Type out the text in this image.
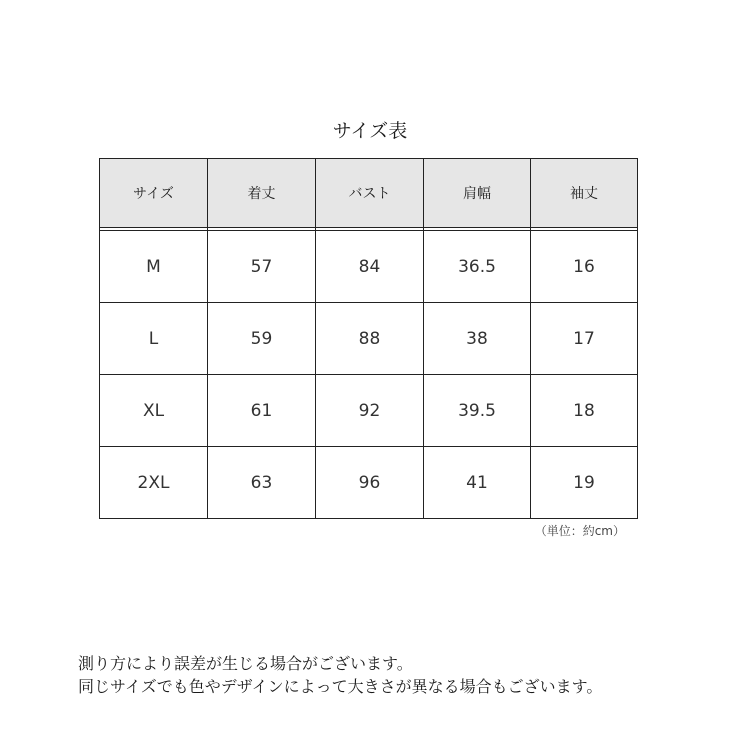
サイズ表
サイズ	着丈	バスト	肩幅	袖丈

M	57	84	36.5	16
L	59	88	38	17
XL	61	92	39.5	18
2XL	63	96	41	19
（単位：約cm）
測り方により誤差が生じる場合がございます。
同じサイズでも色やデザインによって大きさが異なる場合もございます。
